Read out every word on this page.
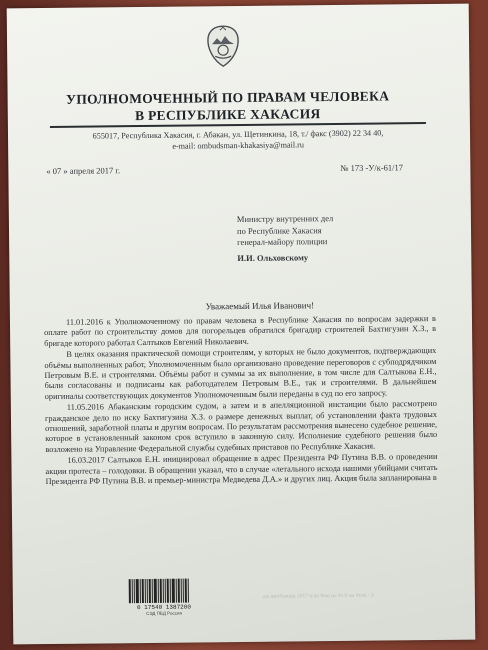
УПОЛНОМОЧЕННЫЙ ПО ПРАВАМ ЧЕЛОВЕКА
В РЕСПУБЛИКЕ ХАКАСИЯ
655017, Республика Хакасия, г. Абакан, ул. Щетинкина, 18, т./ факс (3902) 22 34 40,
e-mail: ombudsman-khakasiya@mail.ru
« 07 » апреля 2017 г.	№ 173 -У/к-61/17
Министру внутренних дел
по Республике Хакасия
генерал-майору полиции
И.И. Ольховскому
Уважаемый Илья Иванович!

11.01.2016 к Уполномоченному по правам человека в Республике Хакасия по вопросам задержки в оплате работ по строительству домов для погорельцев обратился бригадир строителей Бахтигузин Х.З., в бригаде которого работал Салтыков Евгений Николаевич.

В целях оказания практической помощи строителям, у которых не было документов, подтверждающих объёмы выполненных работ, Уполномоченным было организовано проведение переговоров с субподрядчиком Петровым В.Е. и строителями. Объёмы работ и суммы за их выполнение, в том числе для Салтыкова Е.Н., были согласованы и подписаны как работодателем Петровым В.Е., так и строителями. В дальнейшем оригиналы соответствующих документов Уполномоченным были переданы в суд по его запросу.

11.05.2016 Абаканским городским судом, а затем и в апелляционной инстанции было рассмотрено гражданское дело по иску Бахтигузина Х.З. о размере денежных выплат, об установлении факта трудовых отношений, заработной платы и другим вопросам. По результатам рассмотрения вынесено судебное решение, которое в установленный законом срок вступило в законную силу. Исполнение судебного решения было возложено на Управление Федеральной службы судебных приставов по Республике Хакасия.

16.03.2017 Салтыков Е.Н. инициировал обращение в адрес Президента РФ Путина В.В. о проведении акции протеста – голодовки. В обращении указал, что в случае «летального исхода нашими убийцами считать Президента РФ Путина В.В. и премьер-министра Медведева Д.А.» и других лиц. Акция была запланирована в

0 17540 1387200
СЭД ПБД Россия
дм вмн9ажщн 2017 в-ан 8мн нь 9э 8 ма 9тие - 3
